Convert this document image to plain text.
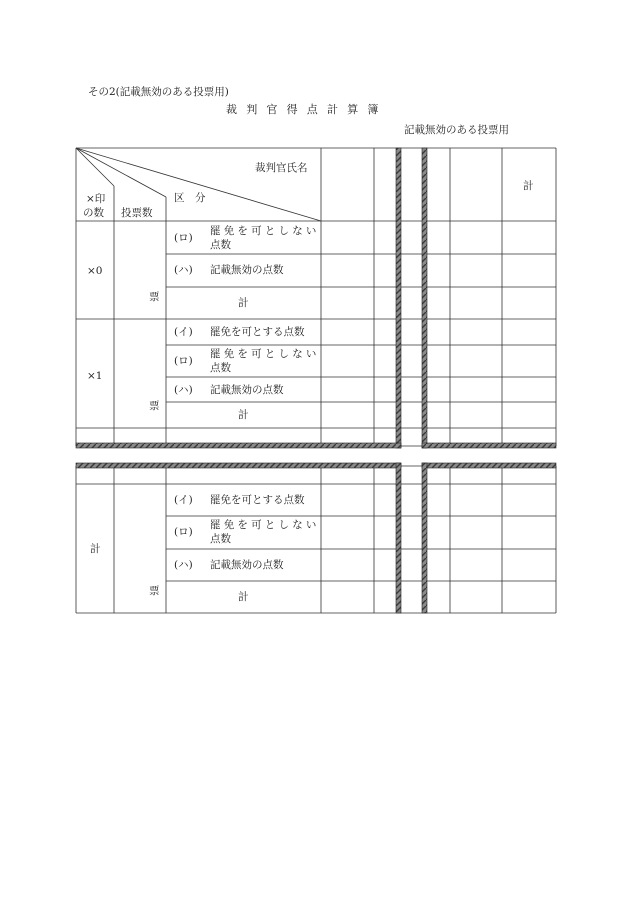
その2(記載無効のある投票用)
裁判官得点計算簿
記載無効のある投票用
裁判官氏名
×印
の数 投票数
区　分
計
×0
票
(ロ)
罷免を可としない
点数
(ハ) 記載無効の点数
計
×1
票
(イ) 罷免を可とする点数
(ロ)
罷免を可としない
点数
(ハ) 記載無効の点数
計
計
票
(イ) 罷免を可とする点数
(ロ)
罷免を可としない
点数
(ハ) 記載無効の点数
計
